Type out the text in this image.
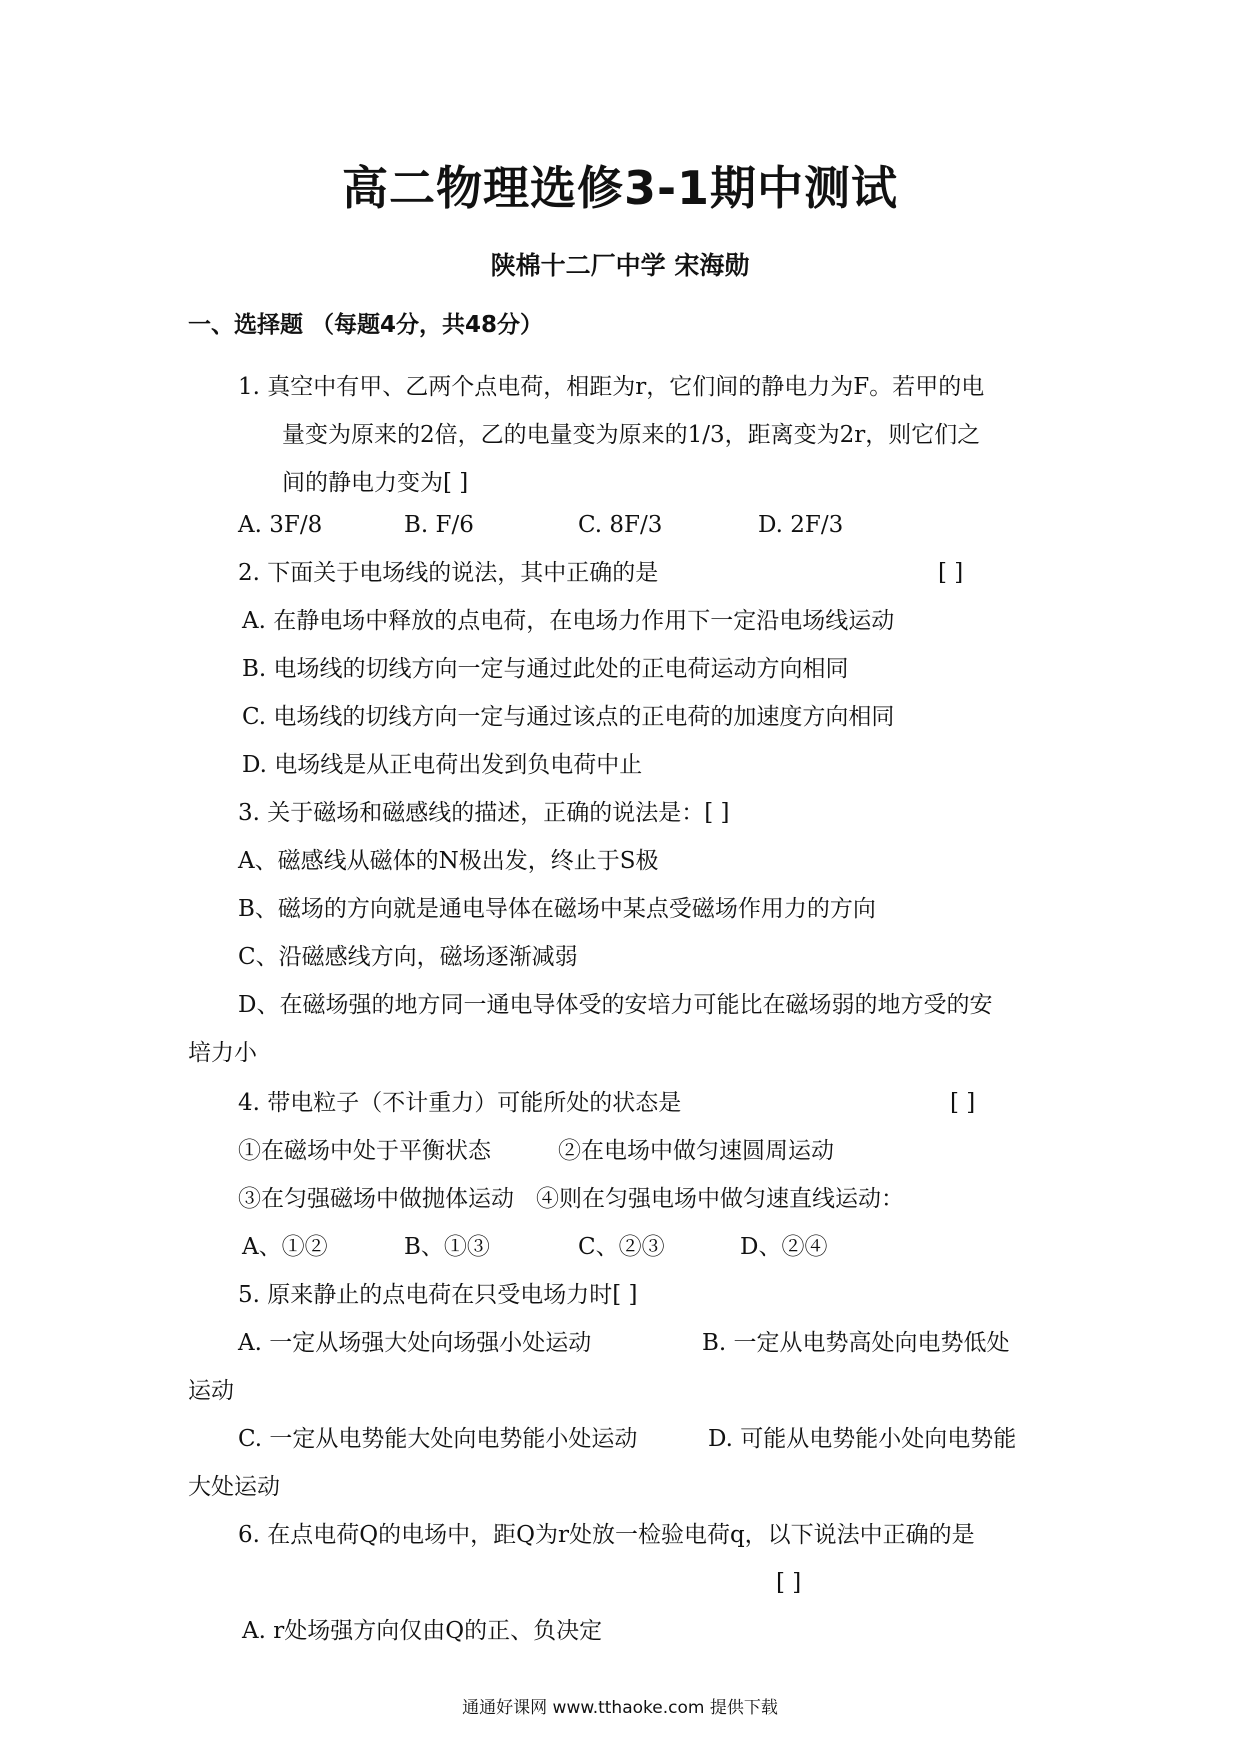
高二物理选修3-1期中测试
陕棉十二厂中学 宋海勋
一、选择题 （每题4分，共48分）
1. 真空中有甲、乙两个点电荷，相距为r，它们间的静电力为F。若甲的电
量变为原来的2倍，乙的电量变为原来的1/3，距离变为2r，则它们之
间的静电力变为[ ]
A. 3F/8	B. F/6	C. 8F/3	D. 2F/3
2. 下面关于电场线的说法，其中正确的是	[ ]
A. 在静电场中释放的点电荷，在电场力作用下一定沿电场线运动
B. 电场线的切线方向一定与通过此处的正电荷运动方向相同
C. 电场线的切线方向一定与通过该点的正电荷的加速度方向相同
D. 电场线是从正电荷出发到负电荷中止
3. 关于磁场和磁感线的描述，正确的说法是：[ ]
A、磁感线从磁体的N极出发，终止于S极
B、磁场的方向就是通电导体在磁场中某点受磁场作用力的方向
C、沿磁感线方向，磁场逐渐减弱
D、在磁场强的地方同一通电导体受的安培力可能比在磁场弱的地方受的安
培力小
4. 带电粒子（不计重力）可能所处的状态是	[ ]
①在磁场中处于平衡状态	②在电场中做匀速圆周运动
③在匀强磁场中做抛体运动 ④则在匀强电场中做匀速直线运动：
A、①②	B、①③	C、②③	D、②④
5. 原来静止的点电荷在只受电场力时[ ]
A. 一定从场强大处向场强小处运动	B. 一定从电势高处向电势低处
运动
C. 一定从电势能大处向电势能小处运动	D. 可能从电势能小处向电势能
大处运动
6. 在点电荷Q的电场中，距Q为r处放一检验电荷q，以下说法中正确的是
[ ]
A. r处场强方向仅由Q的正、负决定
通通好课网 www.tthaoke.com 提供下载
